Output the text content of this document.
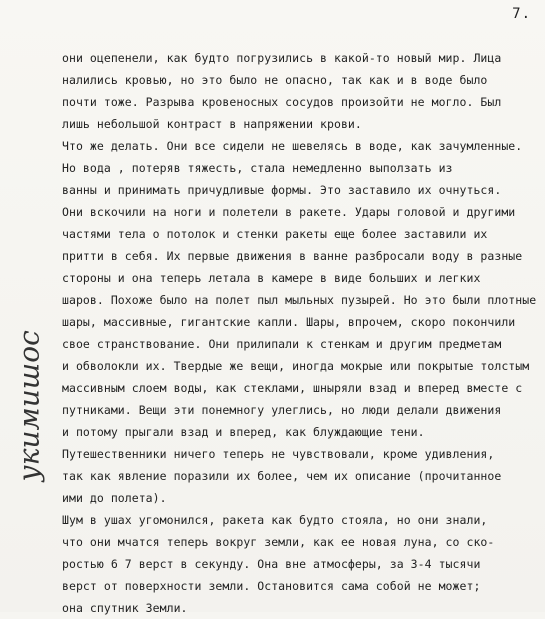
7.
укимишос
они оцепенели, как будто погрузились в какой-то новый мир. Лица
налились кровью, но это было не опасно, так как и в воде было
почти тоже. Разрыва кровеносных сосудов произойти не могло. Был
лишь небольшой контраст в напряжении крови.
Что же делать. Они все сидели не шевелясь в воде, как зачумленные.
Но вода , потеряв тяжесть, стала немедленно выползать из
ванны и принимать причудливые формы. Это заставило их очнуться.
Они вскочили на ноги и полетели в ракете. Удары головой и другими
частями тела о потолок и стенки ракеты еще более заставили их
притти в себя. Их первые движения в ванне разбросали воду в разные
стороны и она теперь летала в камере в виде больших и легких
шаров. Похоже было на полет пыл мыльных пузырей. Но это были плотные
шары, массивные, гигантские капли. Шары, впрочем, скоро покончили
свое странствование. Они прилипали к стенкам и другим предметам
и обволокли их. Твердые же вещи, иногда мокрые или покрытые толстым
массивным слоем воды, как стеклами, шныряли взад и вперед вместе с
путниками. Вещи эти понемногу улеглись, но люди делали движения
и потому прыгали взад и вперед, как блуждающие тени.
Путешественники ничего теперь не чувствовали, кроме удивления,
так как явление поразили их более, чем их описание (прочитанное
ими до полета).
Шум в ушах угомонился, ракета как будто стояла, но они знали,
что они мчатся теперь вокруг земли, как ее новая луна, со ско-
ростью 6 7 верст в секунду. Она вне атмосферы, за 3-4 тысячи
верст от поверхности земли. Остановится сама собой не может;
она спутник Земли.
